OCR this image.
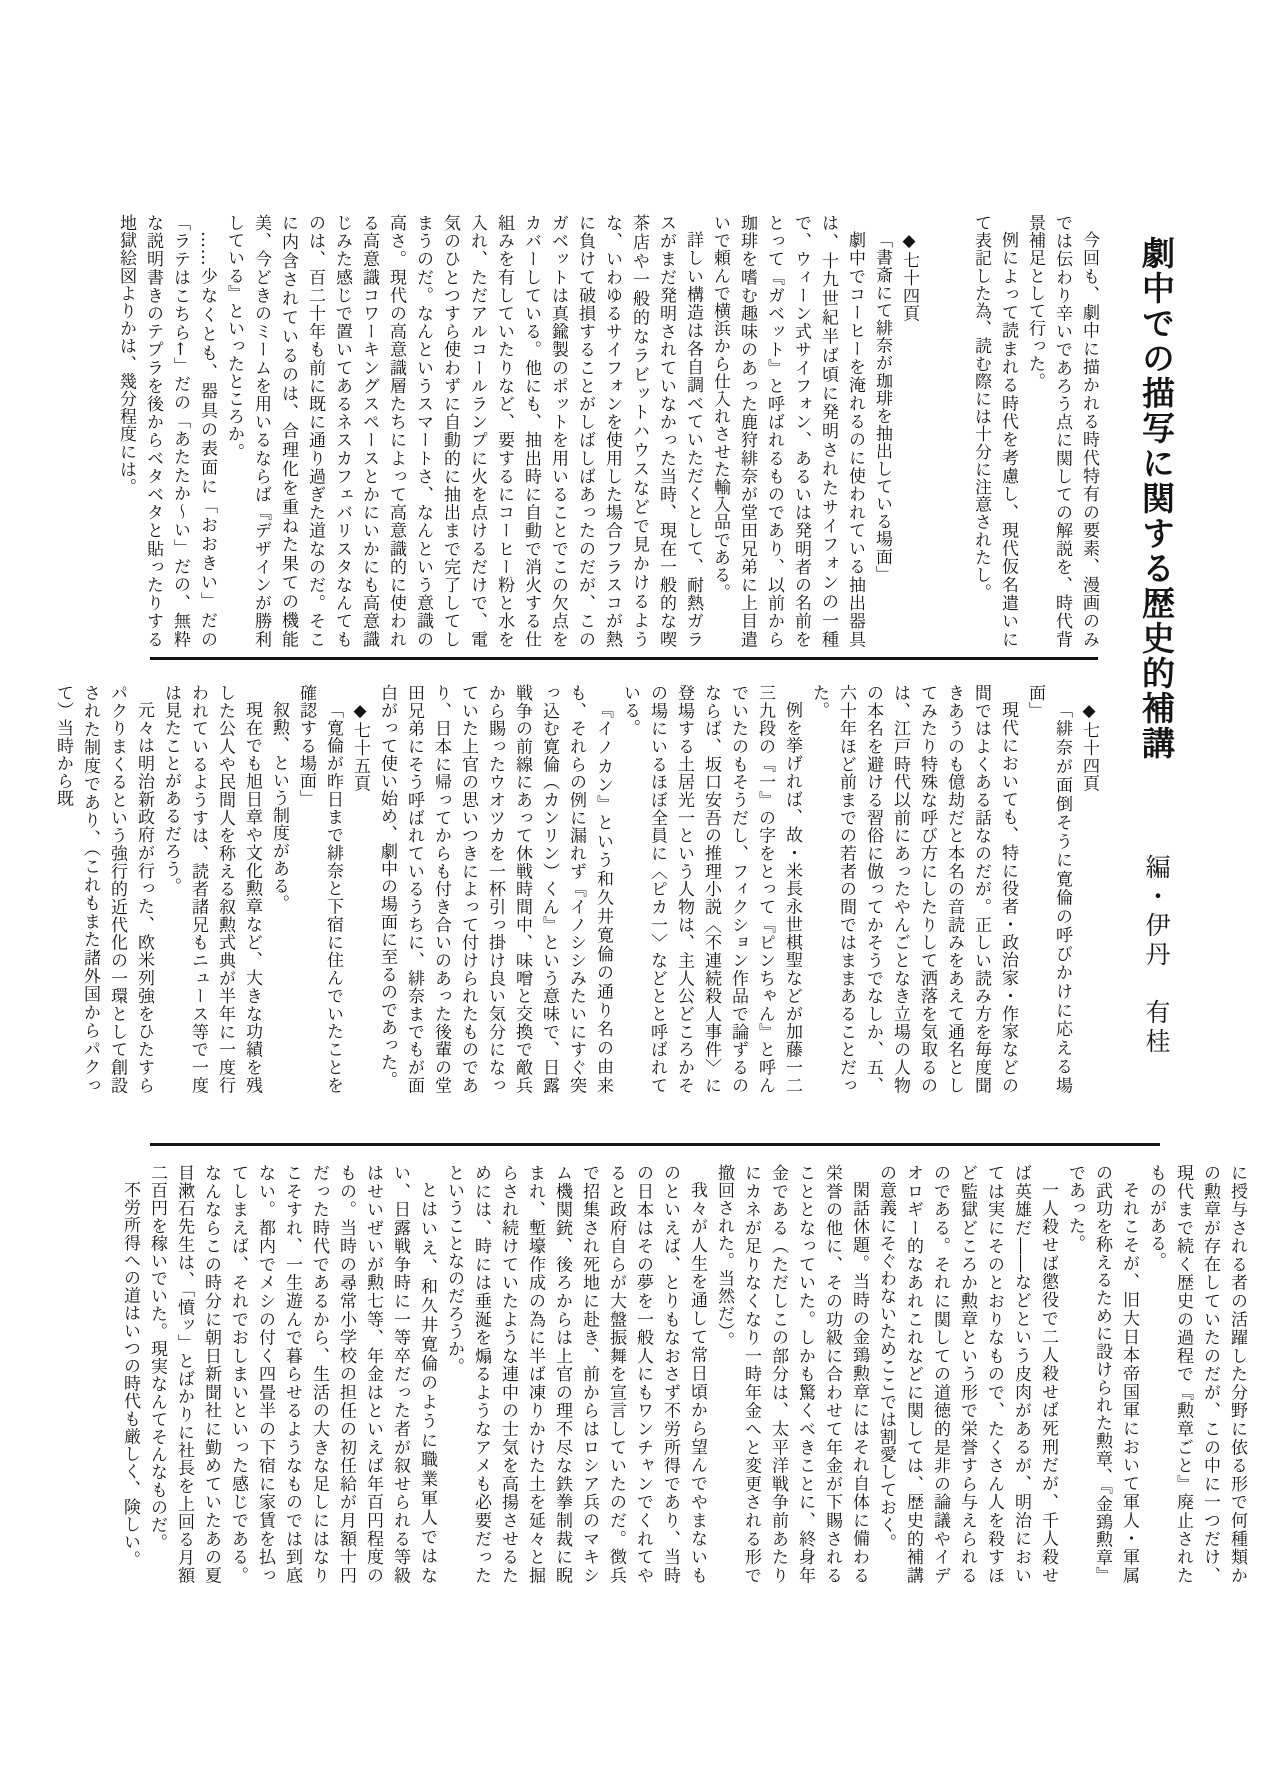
劇中での描写に関する歴史的補講 編・伊丹　有桂

今回も、劇中に描かれる時代特有の要素、漫画のみでは伝わり辛いであろう点に関しての解説を、時代背景補足として行った。

例によって読まれる時代を考慮し、現代仮名遣いにて表記した為、読む際には十分に注意されたし。

◆七十四頁

「書斎にて緋奈が珈琲を抽出している場面」

劇中でコーヒーを淹れるのに使われている抽出器具は、十九世紀半ば頃に発明されたサイフォンの一種で、ウィーン式サイフォン、あるいは発明者の名前をとって『ガベット』と呼ばれるものであり、以前から珈琲を嗜む趣味のあった鹿狩緋奈が堂田兄弟に上目遣いで頼んで横浜から仕入れさせた輸入品である。

詳しい構造は各自調べていただくとして、耐熱ガラスがまだ発明されていなかった当時、現在一般的な喫茶店や一般的なラビットハウスなどで見かけるような、いわゆるサイフォンを使用した場合フラスコが熱に負けて破損することがしばしばあったのだが、このガベットは真鍮製のポットを用いることでこの欠点をカバーしている。他にも、抽出時に自動で消火する仕組みを有していたりなど、要するにコーヒー粉と水を入れ、ただアルコールランプに火を点けるだけで、電気のひとつすら使わずに自動的に抽出まで完了してしまうのだ。なんというスマートさ、なんという意識の高さ。現代の高意識層たちによって高意識的に使われる高意識コワーキングスペースとかにいかにも高意識じみた感じで置いてあるネスカフェバリスタなんてものは、百二十年も前に既に通り過ぎた道なのだ。そこに内含されているのは、合理化を重ねた果ての機能美、今どきのミームを用いるならば『デザインが勝利している』といったところか。

……少なくとも、器具の表面に「おおきい」だの「ラテはこちら←」だの「あたたか～い」だの、無粋な説明書きのテプラを後からベタベタと貼ったりする地獄絵図よりかは、幾分程度には。

◆七十四頁

「緋奈が面倒そうに寛倫の呼びかけに応える場面」

現代においても、特に役者・政治家・作家などの間ではよくある話なのだが。正しい読み方を毎度聞きあうのも億劫だと本名の音読みをあえて通名としてみたり特殊な呼び方にしたりして洒落を気取るのは、江戸時代以前にあったやんごとなき立場の人物の本名を避ける習俗に倣ってかそうでなしか、五、六十年ほど前までの若者の間ではままあることだった。

例を挙げれば、故・米長永世棋聖などが加藤一二三九段の『一』の字をとって『ピンちゃん』と呼んでいたのもそうだし、フィクション作品で論ずるのならば、坂口安吾の推理小説〈不連続殺人事件〉に登場する土居光一という人物は、主人公どころかその場にいるほぼ全員に〈ピカ一〉などとと呼ばれている。

『イノカン』という和久井寛倫の通り名の由来も、それらの例に漏れず『イノシシみたいにすぐ突っ込む寛倫（カンリン）くん』という意味で、日露戦争の前線にあって休戦時間中、味噌と交換で敵兵から賜ったウオツカを一杯引っ掛け良い気分になっていた上官の思いつきによって付けられたものであり、日本に帰ってからも付き合いのあった後輩の堂田兄弟にそう呼ばれているうちに、緋奈までもが面白がって使い始め、劇中の場面に至るのであった。

◆七十五頁

「寛倫が昨日まで緋奈と下宿に住んでいたことを確認する場面」

叙勲、という制度がある。

現在でも旭日章や文化勲章など、大きな功績を残した公人や民間人を称える叙勲式典が半年に一度行われているようすは、読者諸兄もニュース等で一度は見たことがあるだろう。

元々は明治新政府が行った、欧米列強をひたすらパクりまくるという強行的近代化の一環として創設された制度であり、（これもまた諸外国からパクって）当時から既

に授与される者の活躍した分野に依る形で何種類かの勲章が存在していたのだが、この中に一つだけ、現代まで続く歴史の過程で『勲章ごと』廃止されたものがある。

それこそが、旧大日本帝国軍において軍人・軍属の武功を称えるために設けられた勲章、『金鵄勲章』であった。

一人殺せば懲役で二人殺せば死刑だが、千人殺せば英雄だ――などという皮肉があるが、明治においては実にそのとおりなもので、たくさん人を殺すほど監獄どころか勲章という形で栄誉すら与えられるのである。それに関しての道徳的是非の論議やイデオロギー的なあれこれなどに関しては、歴史的補講の意義にそぐわないためここでは割愛しておく。

閑話休題。当時の金鵄勲章にはそれ自体に備わる栄誉の他に、その功級に合わせて年金が下賜されることとなっていた。しかも驚くべきことに、終身年金である（ただしこの部分は、太平洋戦争前あたりにカネが足りなくなり一時年金へと変更される形で撤回された。当然だ）。

我々が人生を通して常日頃から望んでやまないものといえば、とりもなおさず不労所得であり、当時の日本はその夢を一般人にもワンチャンでくれてやると政府自らが大盤振舞を宣言していたのだ。徴兵で招集され死地に赴き、前からはロシア兵のマキシム機関銃、後ろからは上官の理不尽な鉄拳制裁に睨まれ、塹壕作成の為に半ば凍りかけた土を延々と掘らされ続けていたような連中の士気を高揚させるためには、時には垂涎を煽るようなアメも必要だったということなのだろうか。

とはいえ、和久井寛倫のように職業軍人ではない、日露戦争時に一等卒だった者が叙せられる等級はせいぜいが勲七等、年金はといえば年百円程度のもの。当時の尋常小学校の担任の初任給が月額十円だった時代であるから、生活の大きな足しにはなりこそすれ、一生遊んで暮らせるようなものでは到底ない。都内でメシの付く四畳半の下宿に家賃を払ってしまえば、それでおしまいといった感じである。なんならこの時分に朝日新聞社に勤めていたあの夏目漱石先生は、「憤ッ」とばかりに社長を上回る月額二百円を稼いでいた。現実なんてそんなものだ。

不労所得への道はいつの時代も厳しく、険しい。
